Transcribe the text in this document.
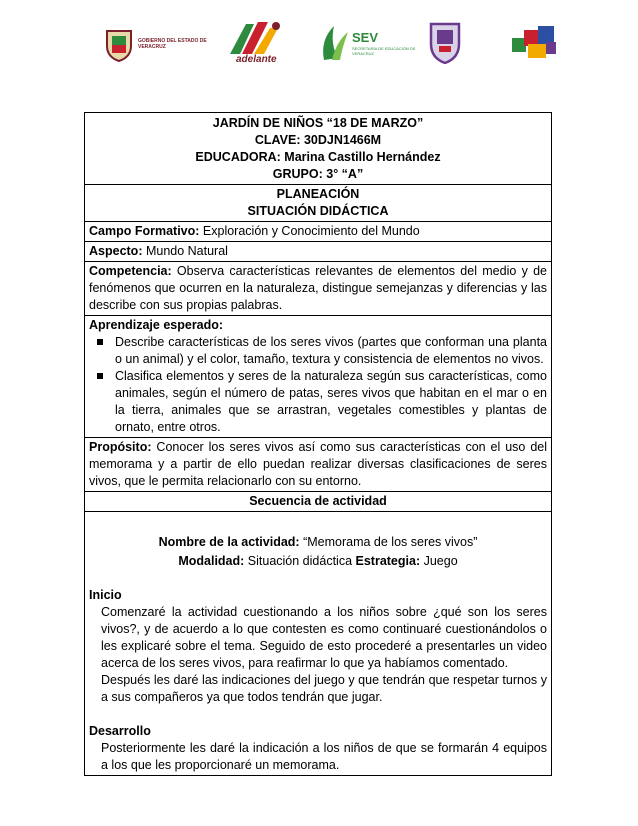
GOBIERNO DEL ESTADO DE VERACRUZ
adelante
SEV
SECRETARÍA DE EDUCACIÓN DE VERACRUZ
JARDÍN DE NIÑOS “18 DE MARZO”
CLAVE: 30DJN1466M
EDUCADORA: Marina Castillo Hernández
GRUPO: 3° “A”

PLANEACIÓN
SITUACIÓN DIDÁCTICA

Campo Formativo: Exploración y Conocimiento del Mundo
Aspecto: Mundo Natural
Competencia: Observa características relevantes de elementos del medio y de fenómenos que ocurren en la naturaleza, distingue semejanzas y diferencias y las describe con sus propias palabras.

Aprendizaje esperado:
Describe características de los seres vivos (partes que conforman una planta o un animal) y el color, tamaño, textura y consistencia de elementos no vivos.
Clasifica elementos y seres de la naturaleza según sus características, como animales, según el número de patas, seres vivos que habitan en el mar o en la tierra, animales que se arrastran, vegetales comestibles y plantas de ornato, entre otros.

Propósito: Conocer los seres vivos así como sus características con el uso del memorama y a partir de ello puedan realizar diversas clasificaciones de seres vivos, que le permita relacionarlo con su entorno.
Secuencia de actividad

Nombre de la actividad: “Memorama de los seres vivos”
Modalidad: Situación didáctica Estrategia: Juego
Inicio
Comenzaré la actividad cuestionando a los niños sobre ¿qué son los seres vivos?, y de acuerdo a lo que contesten es como continuaré cuestionándolos o les explicaré sobre el tema. Seguido de esto procederé a presentarles un video acerca de los seres vivos, para reafirmar lo que ya habíamos comentado.
Después les daré las indicaciones del juego y que tendrán que respetar turnos y a sus compañeros ya que todos tendrán que jugar.
Desarrollo
Posteriormente les daré la indicación a los niños de que se formarán 4 equipos a los que les proporcionaré un memorama.
